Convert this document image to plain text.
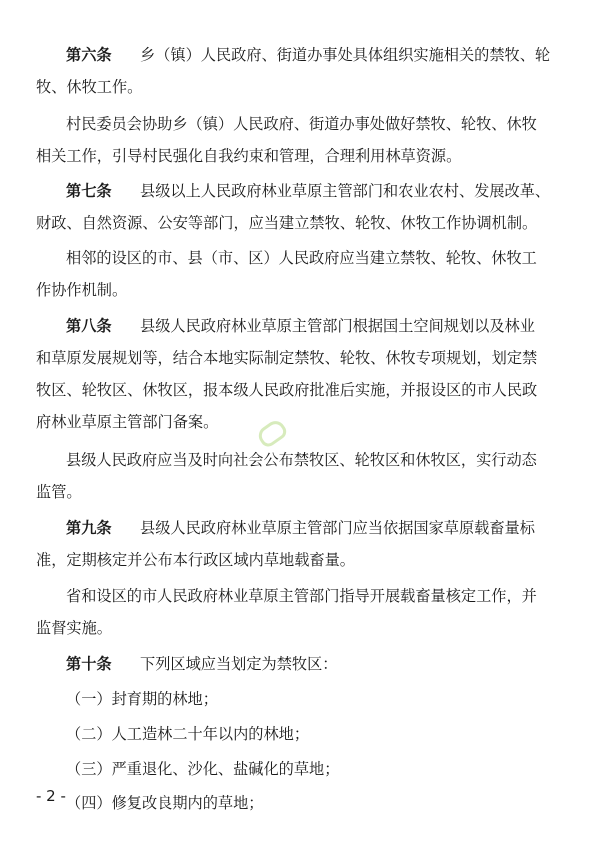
第六条 乡（镇）人民政府、街道办事处具体组织实施相关的禁牧、轮
牧、休牧工作。
村民委员会协助乡（镇）人民政府、街道办事处做好禁牧、轮牧、休牧
相关工作，引导村民强化自我约束和管理，合理利用林草资源。
第七条 县级以上人民政府林业草原主管部门和农业农村、发展改革、
财政、自然资源、公安等部门，应当建立禁牧、轮牧、休牧工作协调机制。
相邻的设区的市、县（市、区）人民政府应当建立禁牧、轮牧、休牧工
作协作机制。
第八条 县级人民政府林业草原主管部门根据国土空间规划以及林业
和草原发展规划等，结合本地实际制定禁牧、轮牧、休牧专项规划，划定禁
牧区、轮牧区、休牧区，报本级人民政府批准后实施，并报设区的市人民政
府林业草原主管部门备案。
县级人民政府应当及时向社会公布禁牧区、轮牧区和休牧区，实行动态
监管。
第九条 县级人民政府林业草原主管部门应当依据国家草原载畜量标
准，定期核定并公布本行政区域内草地载畜量。
省和设区的市人民政府林业草原主管部门指导开展载畜量核定工作，并
监督实施。
第十条 下列区域应当划定为禁牧区：
（一）封育期的林地；
（二）人工造林二十年以内的林地；
（三）严重退化、沙化、盐碱化的草地；
（四）修复改良期内的草地；
- 2 -
